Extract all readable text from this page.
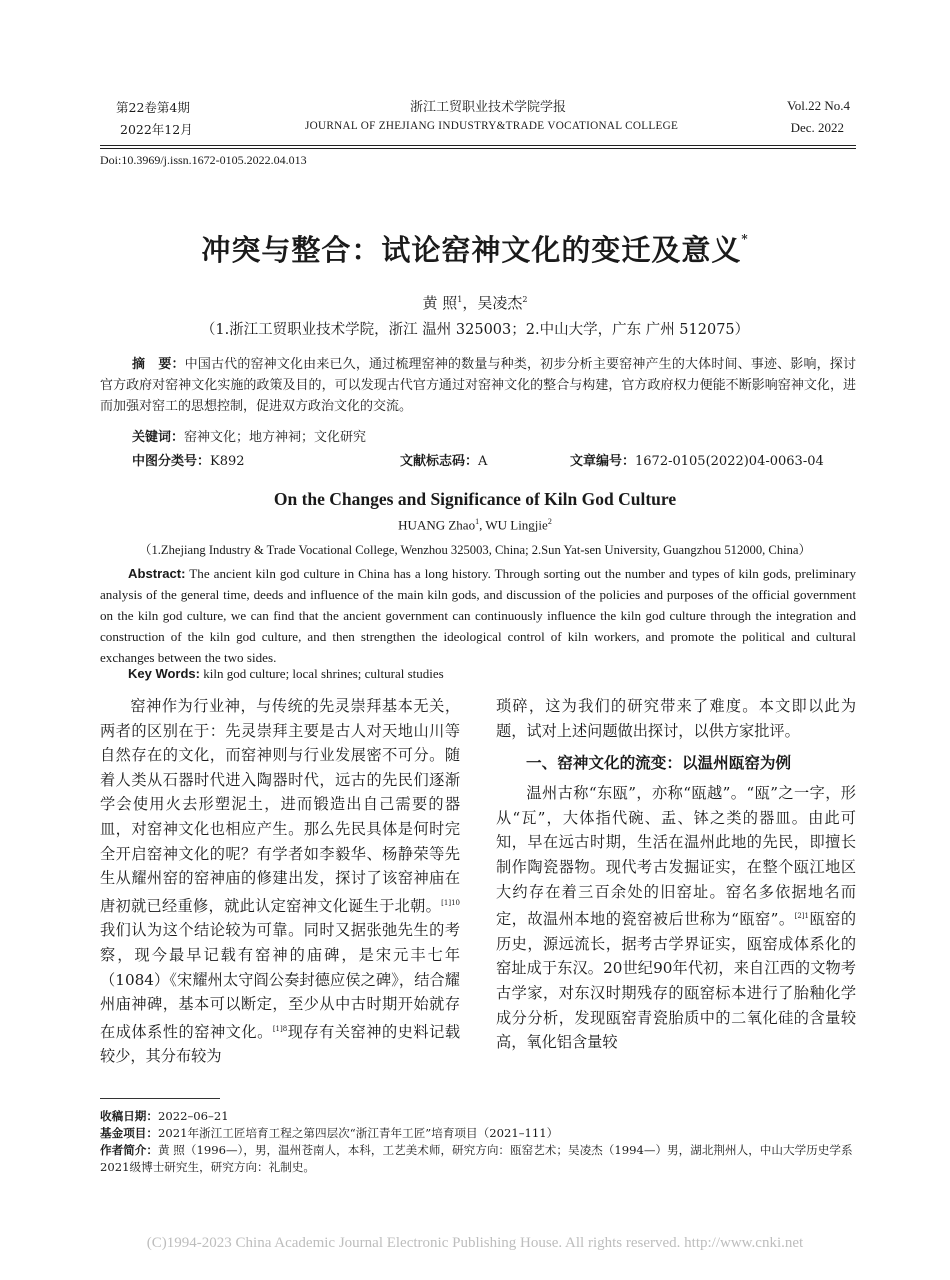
第22卷第4期
2022年12月
浙江工贸职业技术学院学报
JOURNAL OF ZHEJIANG INDUSTRY&TRADE VOCATIONAL COLLEGE
Vol.22 No.4
Dec. 2022
Doi:10.3969/j.issn.1672-0105.2022.04.013
冲突与整合：试论窑神文化的变迁及意义*
黄 照$^1$，吴凌杰$^2$
（1.浙江工贸职业技术学院，浙江 温州 325003；2.中山大学，广东 广州 512075）
摘　要：中国古代的窑神文化由来已久，通过梳理窑神的数量与种类，初步分析主要窑神产生的大体时间、事迹、影响，探讨官方政府对窑神文化实施的政策及目的，可以发现古代官方通过对窑神文化的整合与构建，官方政府权力便能不断影响窑神文化，进而加强对窑工的思想控制，促进双方政治文化的交流。
关键词：窑神文化；地方神祠；文化研究
中图分类号：K892	文献标志码：A	文章编号：1672-0105(2022)04-0063-04
On the Changes and Significance of Kiln God Culture
HUANG Zhao$^1$, WU Lingjie$^2$
（1.Zhejiang Industry & Trade Vocational College, Wenzhou 325003, China; 2.Sun Yat-sen University, Guangzhou 512000, China）
Abstract: The ancient kiln god culture in China has a long history. Through sorting out the number and types of kiln gods, preliminary analysis of the general time, deeds and influence of the main kiln gods, and discussion of the policies and purposes of the official government on the kiln god culture, we can find that the ancient government can continuously influence the kiln god culture through the integration and construction of the kiln god culture, and then strengthen the ideological control of kiln workers, and promote the political and cultural exchanges between the two sides.
Key Words: kiln god culture; local shrines; cultural studies

窑神作为行业神，与传统的先灵崇拜基本无关，两者的区别在于：先灵崇拜主要是古人对天地山川等自然存在的文化，而窑神则与行业发展密不可分。随着人类从石器时代进入陶器时代，远古的先民们逐渐学会使用火去形塑泥土，进而锻造出自己需要的器皿，对窑神文化也相应产生。那么先民具体是何时完全开启窑神文化的呢？有学者如李毅华、杨静荣等先生从耀州窑的窑神庙的修建出发，探讨了该窑神庙在唐初就已经重修，就此认定窑神文化诞生于北朝。$^{[1]10}$我们认为这个结论较为可靠。同时又据张弛先生的考察，现今最早记载有窑神的庙碑，是宋元丰七年（1084）《宋耀州太守阎公奏封德应侯之碑》，结合耀州庙神碑，基本可以断定，至少从中古时期开始就存在成体系性的窑神文化。$^{[1]8}$现存有关窑神的史料记载较少，其分布较为

琐碎，这为我们的研究带来了难度。本文即以此为题，试对上述问题做出探讨，以供方家批评。

一、窑神文化的流变：以温州瓯窑为例

温州古称“东瓯”，亦称“瓯越”。“瓯”之一字，形从“瓦”，大体指代碗、盂、钵之类的器皿。由此可知，早在远古时期，生活在温州此地的先民，即擅长制作陶瓷器物。现代考古发掘证实，在整个瓯江地区大约存在着三百余处的旧窑址。窑名多依据地名而定，故温州本地的瓷窑被后世称为“瓯窑”。$^{[2]1}$瓯窑的历史，源远流长，据考古学界证实，瓯窑成体系化的窑址成于东汉。20世纪90年代初，来自江西的文物考古学家，对东汉时期残存的瓯窑标本进行了胎釉化学成分分析，发现瓯窑青瓷胎质中的二氧化硅的含量较高，氧化铝含量较

收稿日期：2022–06–21

基金项目：2021年浙江工匠培育工程之第四层次“浙江青年工匠”培育项目（2021–111）

作者简介：黄 照（1996—），男，温州苍南人，本科，工艺美术师，研究方向：瓯窑艺术；吴凌杰（1994—）男，湖北荆州人，中山大学历史学系2021级博士研究生，研究方向：礼制史。

(C)1994-2023 China Academic Journal Electronic Publishing House. All rights reserved. http://www.cnki.net
